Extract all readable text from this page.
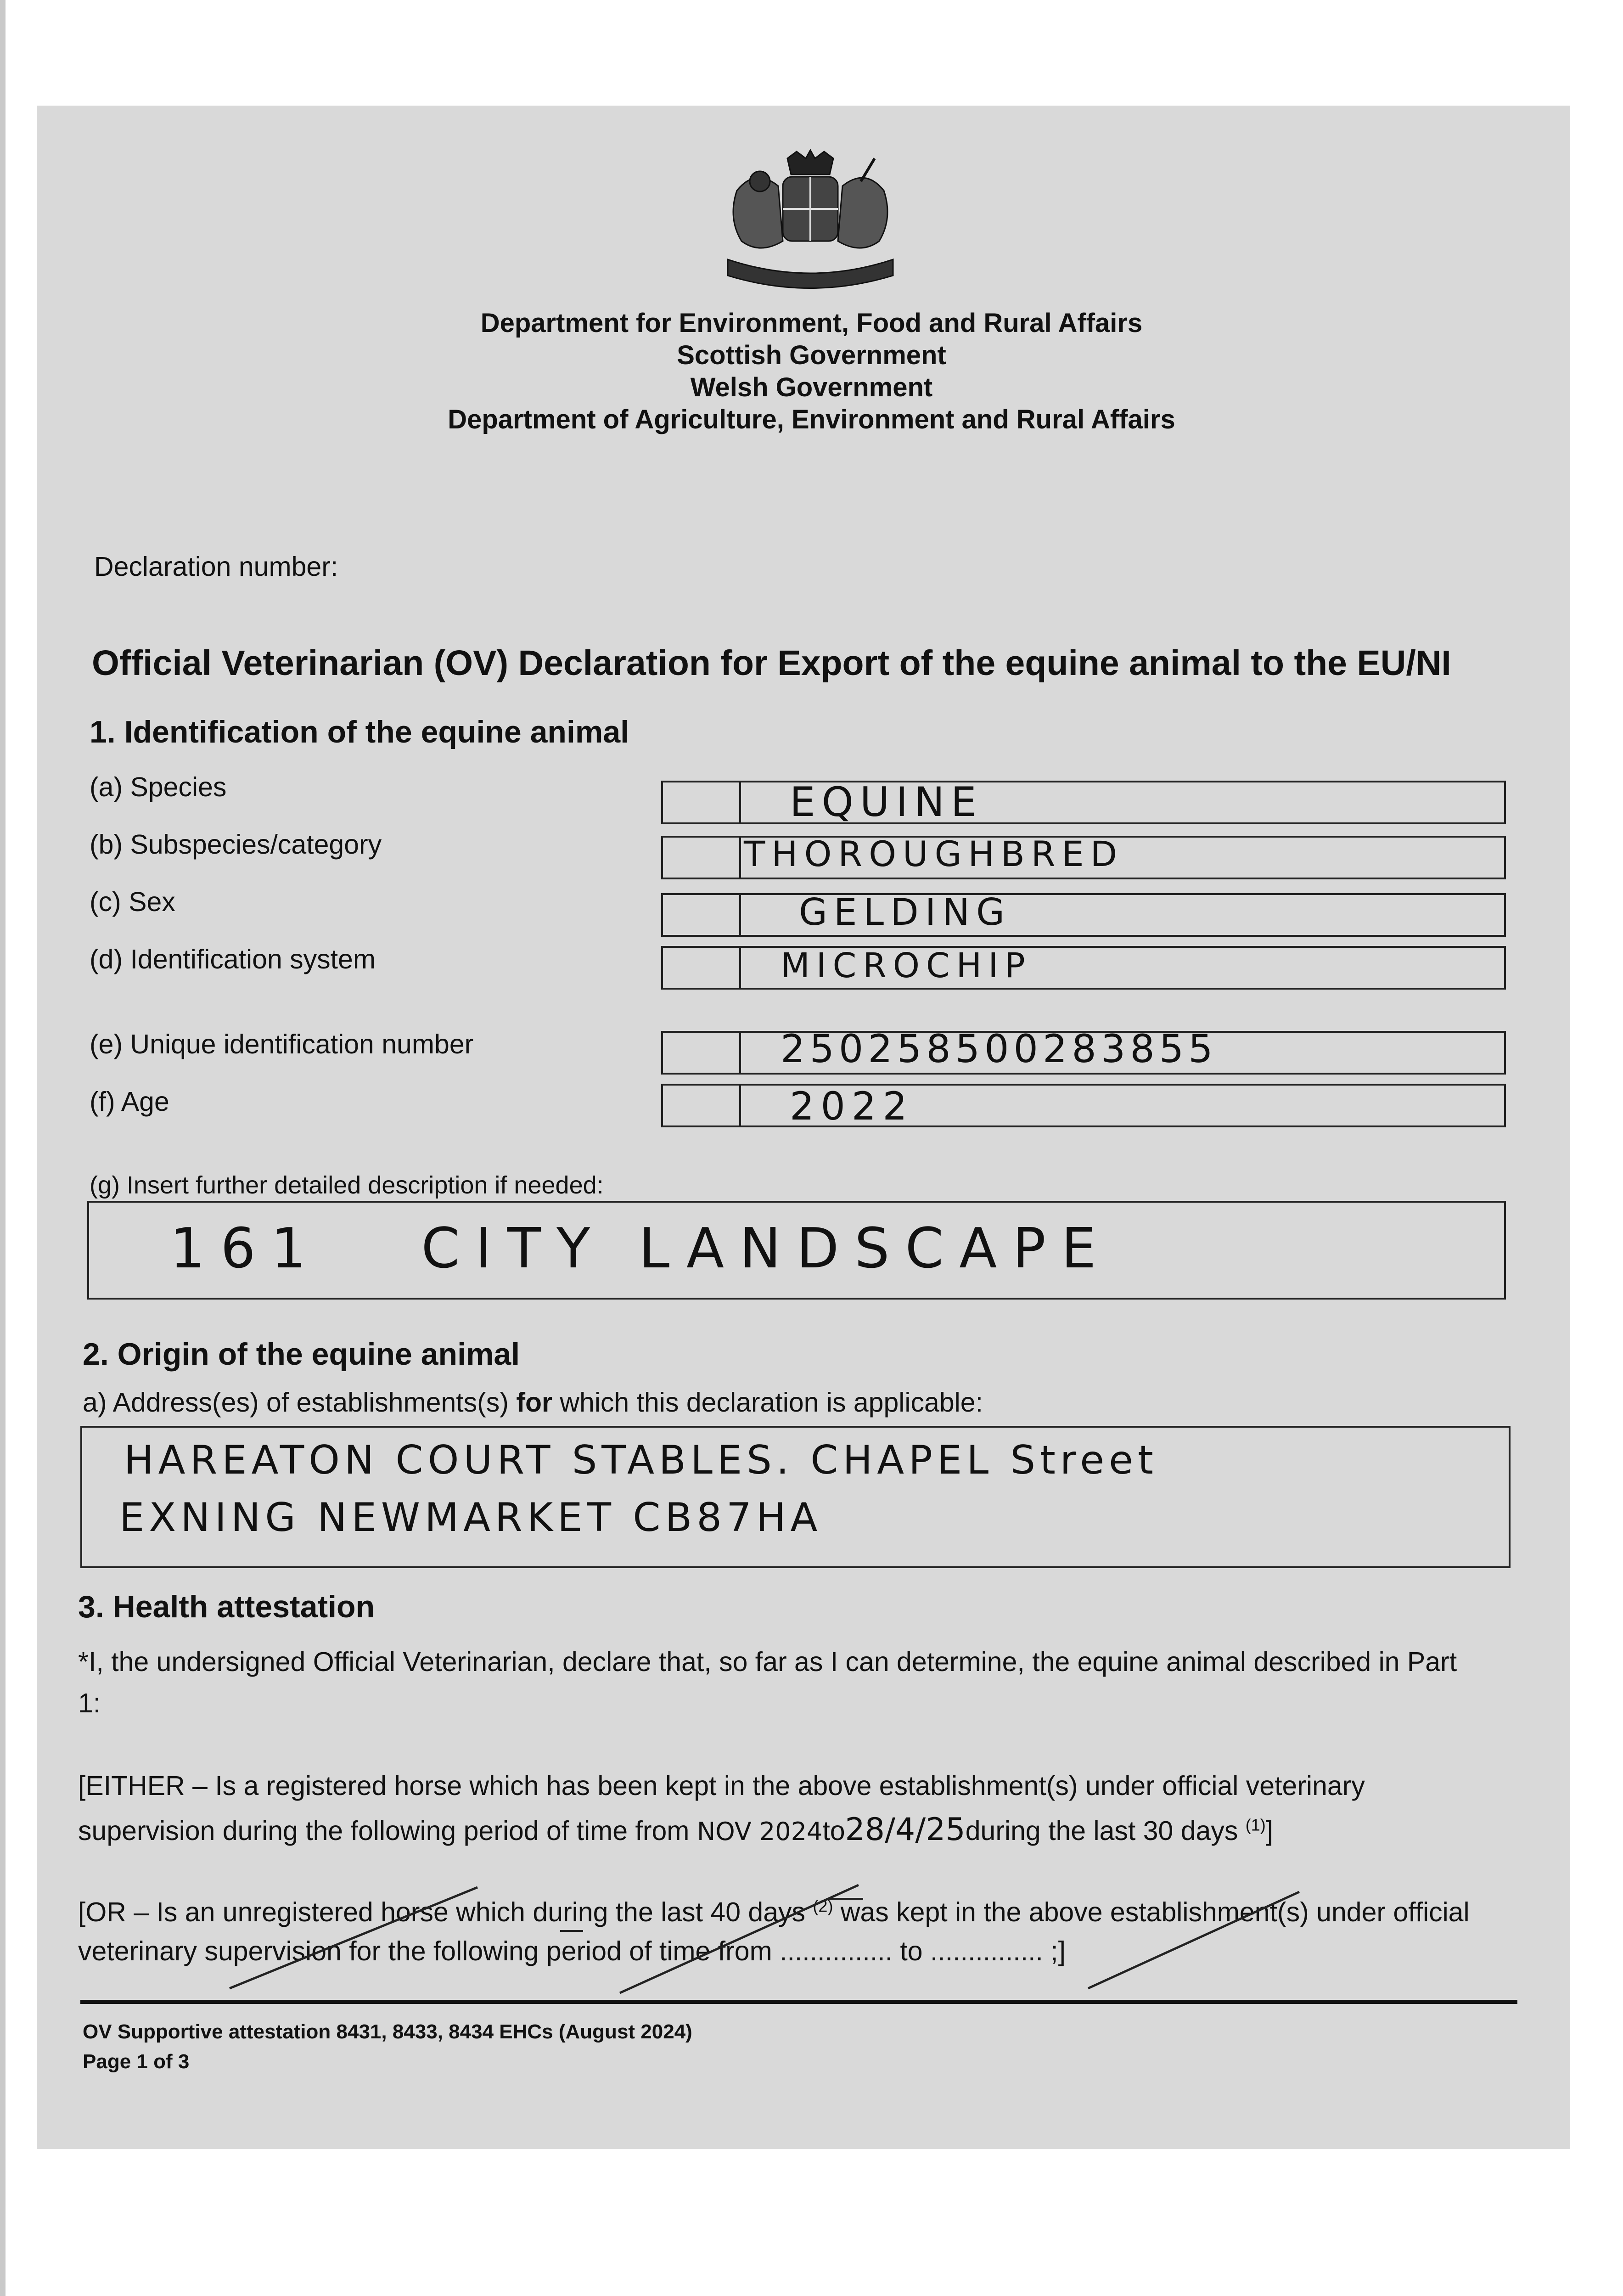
Department for Environment, Food and Rural Affairs
Scottish Government
Welsh Government
Department of Agriculture, Environment and Rural Affairs
Declaration number:
Official Veterinarian (OV) Declaration for Export of the equine animal to the EU/NI
1. Identification of the equine animal
(a) Species	EQUINE
(b) Subspecies/category	THOROUGHBRED
(c) Sex	GELDING
(d) Identification system	MICROCHIP
(e) Unique identification number	250258500283855
(f) Age	2022
(g) Insert further detailed description if needed:
161   CITY LANDSCAPE
2. Origin of the equine animal
a) Address(es) of establishments(s) for which this declaration is applicable:
HAREATON COURT STABLES. CHAPEL Street
EXNING NEWMARKET CB87HA
3. Health attestation
*I, the undersigned Official Veterinarian, declare that, so far as I can determine, the equine animal described in Part
1:
[EITHER – Is a registered horse which has been kept in the above establishment(s) under official veterinary
supervision during the following period of time from NOV 2024to28/4/25during the last 30 days $^{(1)}$]
[OR – Is an unregistered horse which during the last 40 days $^{(2)}$ was kept in the above establishment(s) under official
veterinary supervision for the following period of time from ............... to ............... ;]
OV Supportive attestation 8431, 8433, 8434 EHCs (August 2024)
Page 1 of 3
